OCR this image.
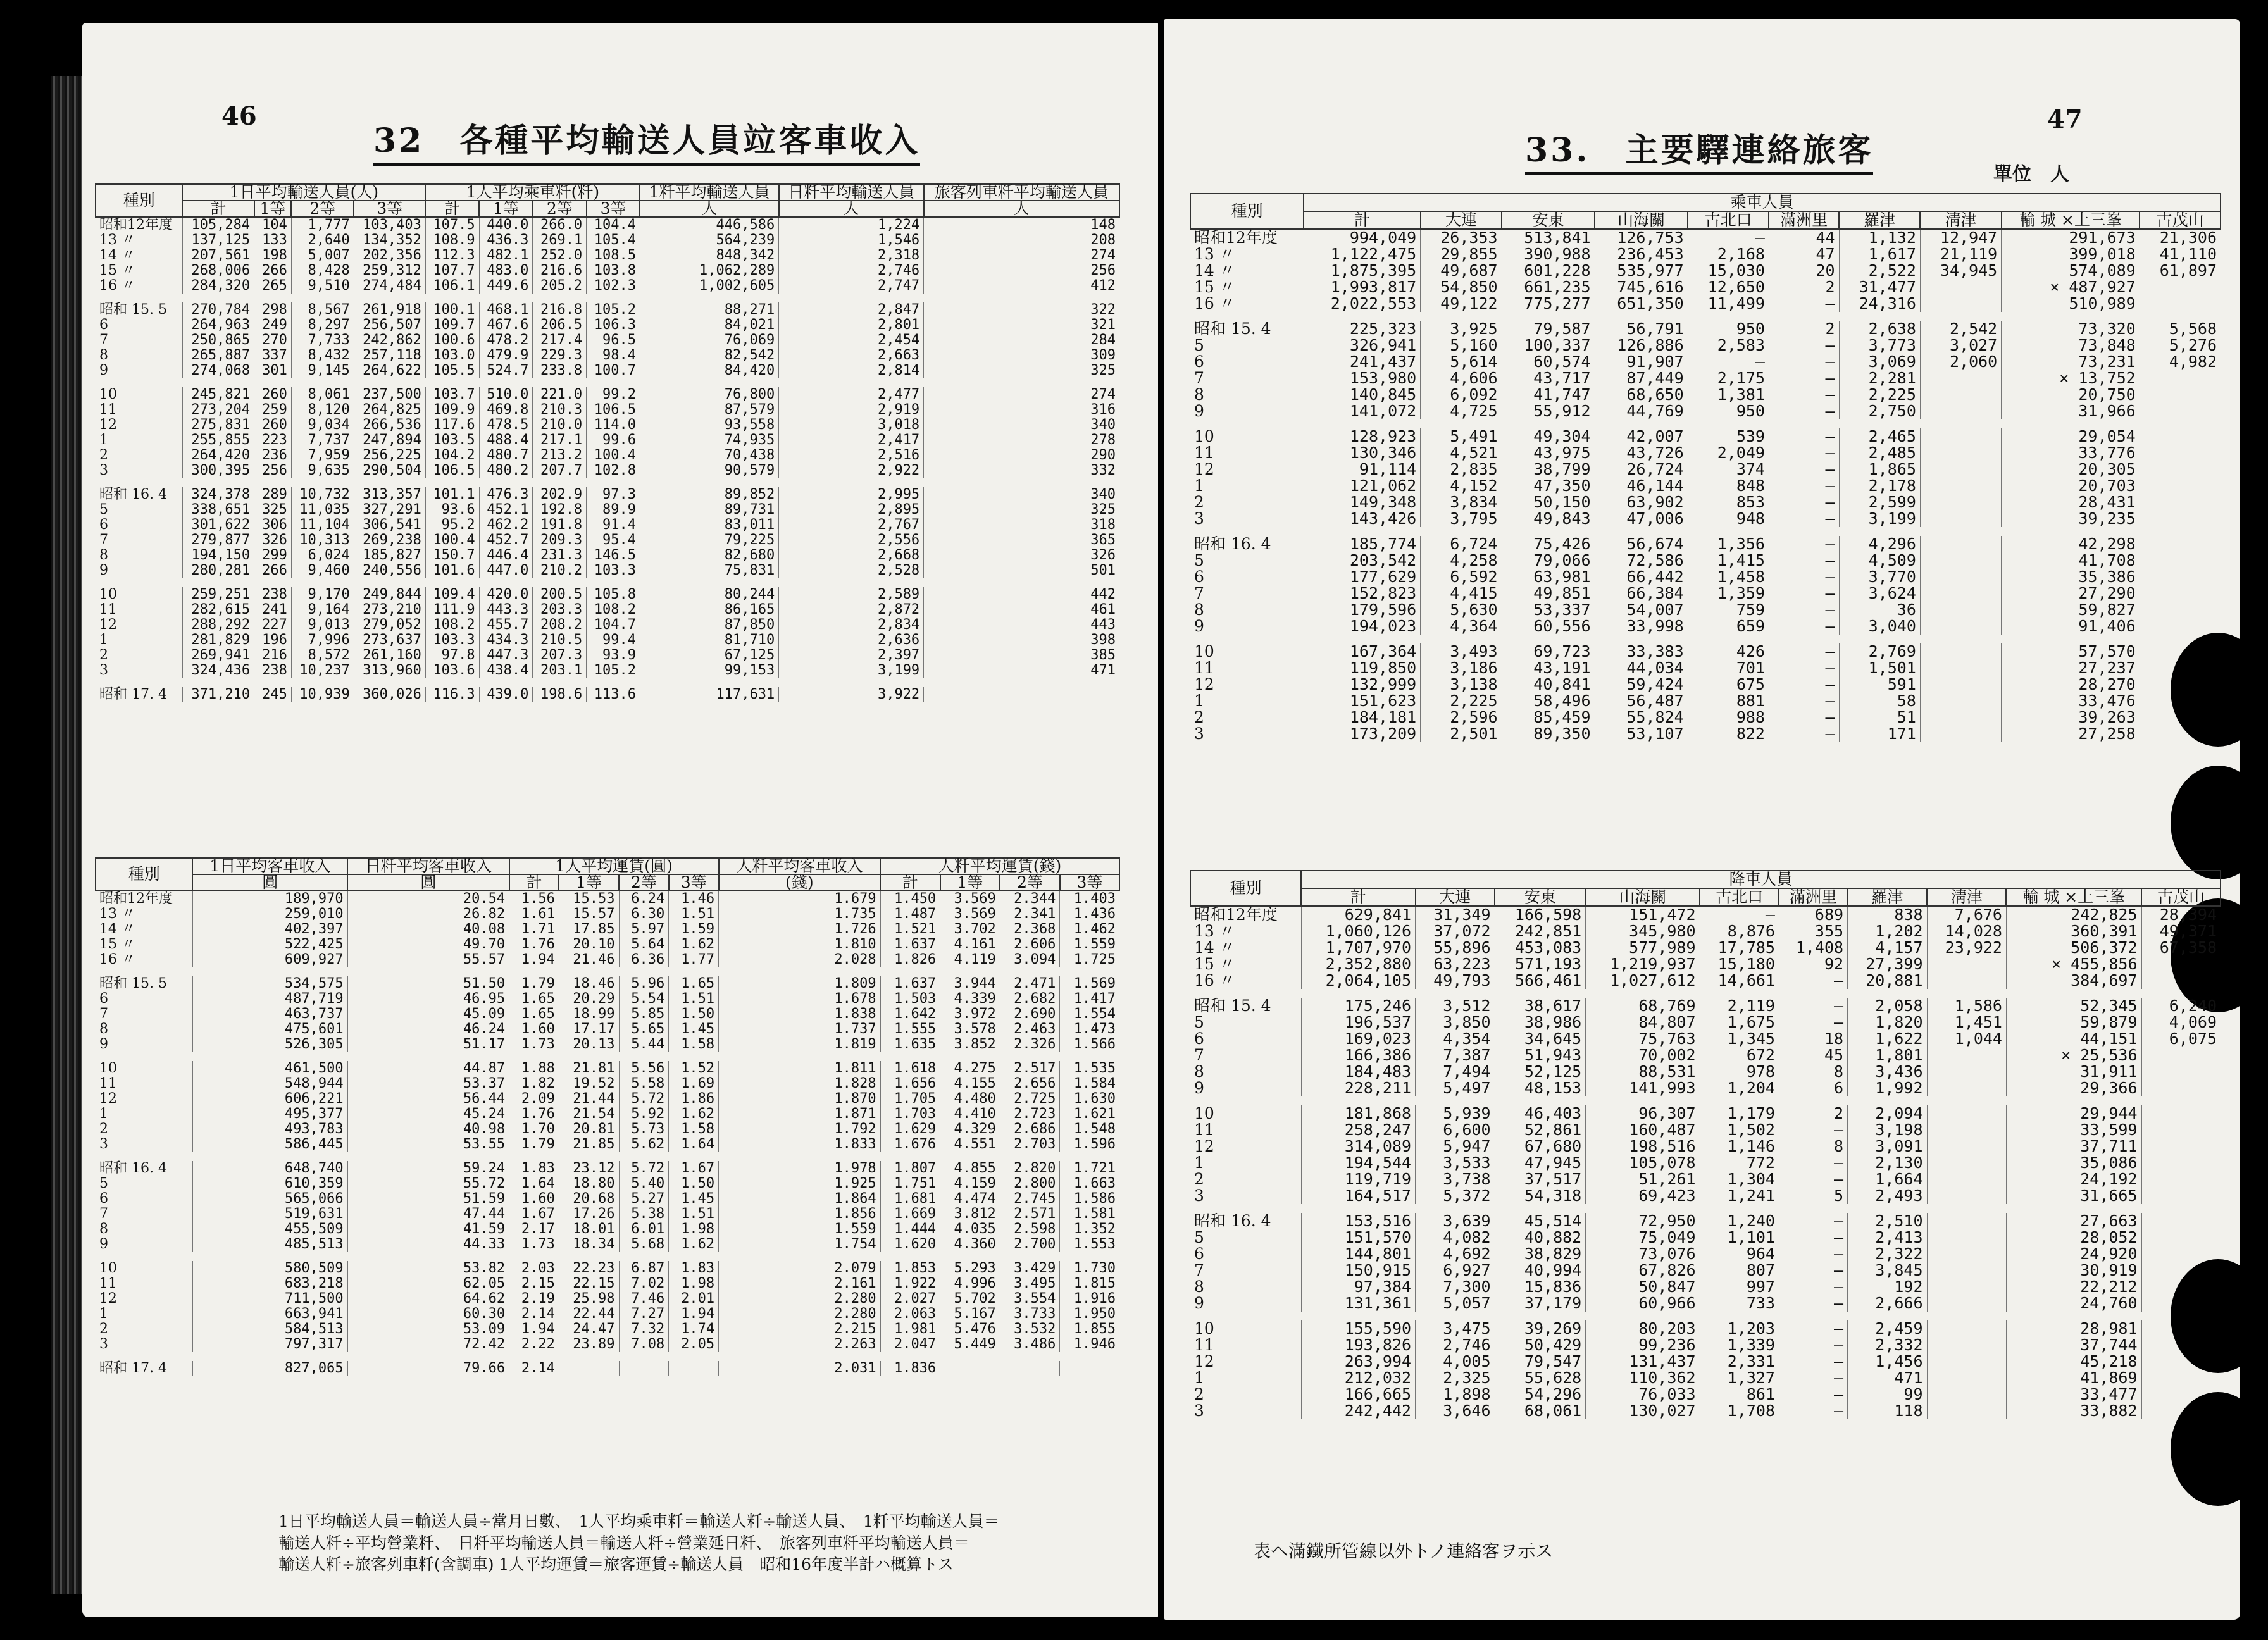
46
32　各種平均輸送人員竝客車收入
種別	1日平均輸送人員(人)				1人平均乘車粁(粁)				1粁平均輸送人員	日粁平均輸送人員	旅客列車粁平均輸送人員
	計	1等	2等	3等	計	1等	2等	3等	人	人	人
昭和12年度	105,284	104	1,777	103,403	107.5	440.0	266.0	104.4	446,586	1,224	148
13 〃	137,125	133	2,640	134,352	108.9	436.3	269.1	105.4	564,239	1,546	208
14 〃	207,561	198	5,007	202,356	112.3	482.1	252.0	108.5	848,342	2,318	274
15 〃	268,006	266	8,428	259,312	107.7	483.0	216.6	103.8	1,062,289	2,746	256
16 〃	284,320	265	9,510	274,484	106.1	449.6	205.2	102.3	1,002,605	2,747	412
昭和 15. 5	270,784	298	8,567	261,918	100.1	468.1	216.8	105.2	88,271	2,847	322
6	264,963	249	8,297	256,507	109.7	467.6	206.5	106.3	84,021	2,801	321
7	250,865	270	7,733	242,862	100.6	478.2	217.4	96.5	76,069	2,454	284
8	265,887	337	8,432	257,118	103.0	479.9	229.3	98.4	82,542	2,663	309
9	274,068	301	9,145	264,622	105.5	524.7	233.8	100.7	84,420	2,814	325
10	245,821	260	8,061	237,500	103.7	510.0	221.0	99.2	76,800	2,477	274
11	273,204	259	8,120	264,825	109.9	469.8	210.3	106.5	87,579	2,919	316
12	275,831	260	9,034	266,536	117.6	478.5	210.0	114.0	93,558	3,018	340
1	255,855	223	7,737	247,894	103.5	488.4	217.1	99.6	74,935	2,417	278
2	264,420	236	7,959	256,225	104.2	480.7	213.2	100.4	70,438	2,516	290
3	300,395	256	9,635	290,504	106.5	480.2	207.7	102.8	90,579	2,922	332
昭和 16. 4	324,378	289	10,732	313,357	101.1	476.3	202.9	97.3	89,852	2,995	340
5	338,651	325	11,035	327,291	93.6	452.1	192.8	89.9	89,731	2,895	325
6	301,622	306	11,104	306,541	95.2	462.2	191.8	91.4	83,011	2,767	318
7	279,877	326	10,313	269,238	100.4	452.7	209.3	95.4	79,225	2,556	365
8	194,150	299	6,024	185,827	150.7	446.4	231.3	146.5	82,680	2,668	326
9	280,281	266	9,460	240,556	101.6	447.0	210.2	103.3	75,831	2,528	501
10	259,251	238	9,170	249,844	109.4	420.0	200.5	105.8	80,244	2,589	442
11	282,615	241	9,164	273,210	111.9	443.3	203.3	108.2	86,165	2,872	461
12	288,292	227	9,013	279,052	108.2	455.7	208.2	104.7	87,850	2,834	443
1	281,829	196	7,996	273,637	103.3	434.3	210.5	99.4	81,710	2,636	398
2	269,941	216	8,572	261,160	97.8	447.3	207.3	93.9	67,125	2,397	385
3	324,436	238	10,237	313,960	103.6	438.4	203.1	105.2	99,153	3,199	471
昭和 17. 4	371,210	245	10,939	360,026	116.3	439.0	198.6	113.6	117,631	3,922	
種別	1日平均客車收入	日粁平均客車收入	1人平均運賃(圓)				人粁平均客車收入	人粁平均運賃(錢)			
	圓	圓	計	1等	2等	3等	(錢)	計	1等	2等	3等
昭和12年度	189,970	20.54	1.56	15.53	6.24	1.46	1.679	1.450	3.569	2.344	1.403
13 〃	259,010	26.82	1.61	15.57	6.30	1.51	1.735	1.487	3.569	2.341	1.436
14 〃	402,397	40.08	1.71	17.85	5.97	1.59	1.726	1.521	3.702	2.368	1.462
15 〃	522,425	49.70	1.76	20.10	5.64	1.62	1.810	1.637	4.161	2.606	1.559
16 〃	609,927	55.57	1.94	21.46	6.36	1.77	2.028	1.826	4.119	3.094	1.725
昭和 15. 5	534,575	51.50	1.79	18.46	5.96	1.65	1.809	1.637	3.944	2.471	1.569
6	487,719	46.95	1.65	20.29	5.54	1.51	1.678	1.503	4.339	2.682	1.417
7	463,737	45.09	1.65	18.99	5.85	1.50	1.838	1.642	3.972	2.690	1.554
8	475,601	46.24	1.60	17.17	5.65	1.45	1.737	1.555	3.578	2.463	1.473
9	526,305	51.17	1.73	20.13	5.44	1.58	1.819	1.635	3.852	2.326	1.566
10	461,500	44.87	1.88	21.81	5.56	1.52	1.811	1.618	4.275	2.517	1.535
11	548,944	53.37	1.82	19.52	5.58	1.69	1.828	1.656	4.155	2.656	1.584
12	606,221	56.44	2.09	21.44	5.72	1.86	1.870	1.705	4.480	2.725	1.630
1	495,377	45.24	1.76	21.54	5.92	1.62	1.871	1.703	4.410	2.723	1.621
2	493,783	40.98	1.70	20.81	5.73	1.58	1.792	1.629	4.329	2.686	1.548
3	586,445	53.55	1.79	21.85	5.62	1.64	1.833	1.676	4.551	2.703	1.596
昭和 16. 4	648,740	59.24	1.83	23.12	5.72	1.67	1.978	1.807	4.855	2.820	1.721
5	610,359	55.72	1.64	18.80	5.40	1.50	1.925	1.751	4.159	2.800	1.663
6	565,066	51.59	1.60	20.68	5.27	1.45	1.864	1.681	4.474	2.745	1.586
7	519,631	47.44	1.67	17.26	5.38	1.51	1.856	1.669	3.812	2.571	1.581
8	455,509	41.59	2.17	18.01	6.01	1.98	1.559	1.444	4.035	2.598	1.352
9	485,513	44.33	1.73	18.34	5.68	1.62	1.754	1.620	4.360	2.700	1.553
10	580,509	53.82	2.03	22.23	6.87	1.83	2.079	1.853	5.293	3.429	1.730
11	683,218	62.05	2.15	22.15	7.02	1.98	2.161	1.922	4.996	3.495	1.815
12	711,500	64.62	2.19	25.98	7.46	2.01	2.280	2.027	5.702	3.554	1.916
1	663,941	60.30	2.14	22.44	7.27	1.94	2.280	2.063	5.167	3.733	1.950
2	584,513	53.09	1.94	24.47	7.32	1.74	2.215	1.981	5.476	3.532	1.855
3	797,317	72.42	2.22	23.89	7.08	2.05	2.263	2.047	5.449	3.486	1.946
昭和 17. 4	827,065	79.66	2.14				2.031	1.836			
1日平均輸送人員＝輸送人員÷當月日數、　1人平均乘車粁＝輸送人粁÷輸送人員、　1粁平均輸送人員＝
輸送人粁÷平均營業粁、　日粁平均輸送人員＝輸送人粁÷營業延日粁、　旅客列車粁平均輸送人員＝
輸送人粁÷旅客列車粁(含調車) 1人平均運賃＝旅客運賃÷輸送人員　昭和16年度半計ハ概算トス
47
33.　主要驛連絡旅客
單位　人
種別	乘車人員									
	計	大連	安東	山海關	古北口	滿洲里	羅津	淸津	輸 城 ×上三峯	古茂山
昭和12年度	994,049	26,353	513,841	126,753	—	44	1,132	12,947	291,673	21,306
13 〃	1,122,475	29,855	390,988	236,453	2,168	47	1,617	21,119	399,018	41,110
14 〃	1,875,395	49,687	601,228	535,977	15,030	20	2,522	34,945	574,089	61,897
15 〃	1,993,817	54,850	661,235	745,616	12,650	2	31,477		× 487,927	
16 〃	2,022,553	49,122	775,277	651,350	11,499	—	24,316		510,989	
昭和 15. 4	225,323	3,925	79,587	56,791	950	2	2,638	2,542	73,320	5,568
5	326,941	5,160	100,337	126,886	2,583	—	3,773	3,027	73,848	5,276
6	241,437	5,614	60,574	91,907	—	—	3,069	2,060	73,231	4,982
7	153,980	4,606	43,717	87,449	2,175	—	2,281		× 13,752	
8	140,845	6,092	41,747	68,650	1,381	—	2,225		20,750	
9	141,072	4,725	55,912	44,769	950	—	2,750		31,966	
10	128,923	5,491	49,304	42,007	539	—	2,465		29,054	
11	130,346	4,521	43,975	43,726	2,049	—	2,485		33,776	
12	91,114	2,835	38,799	26,724	374	—	1,865		20,305	
1	121,062	4,152	47,350	46,144	848	—	2,178		20,703	
2	149,348	3,834	50,150	63,902	853	—	2,599		28,431	
3	143,426	3,795	49,843	47,006	948	—	3,199		39,235	
昭和 16. 4	185,774	6,724	75,426	56,674	1,356	—	4,296		42,298	
5	203,542	4,258	79,066	72,586	1,415	—	4,509		41,708	
6	177,629	6,592	63,981	66,442	1,458	—	3,770		35,386	
7	152,823	4,415	49,851	66,384	1,359	—	3,624		27,290	
8	179,596	5,630	53,337	54,007	759	—	36		59,827	
9	194,023	4,364	60,556	33,998	659	—	3,040		91,406	
10	167,364	3,493	69,723	33,383	426	—	2,769		57,570	
11	119,850	3,186	43,191	44,034	701	—	1,501		27,237	
12	132,999	3,138	40,841	59,424	675	—	591		28,270	
1	151,623	2,225	58,496	56,487	881	—	58		33,476	
2	184,181	2,596	85,459	55,824	988	—	51		39,263	
3	173,209	2,501	89,350	53,107	822	—	171		27,258	
種別	降車人員									
	計	大連	安東	山海關	古北口	滿洲里	羅津	淸津	輸 城 ×上三峯	古茂山
昭和12年度	629,841	31,349	166,598	151,472	—	689	838	7,676	242,825	28,394
13 〃	1,060,126	37,072	242,851	345,980	8,876	355	1,202	14,028	360,391	49,371
14 〃	1,707,970	55,896	453,083	577,989	17,785	1,408	4,157	23,922	506,372	67,358
15 〃	2,352,880	63,223	571,193	1,219,937	15,180	92	27,399		× 455,856	
16 〃	2,064,105	49,793	566,461	1,027,612	14,661	—	20,881		384,697	
昭和 15. 4	175,246	3,512	38,617	68,769	2,119	—	2,058	1,586	52,345	6,240
5	196,537	3,850	38,986	84,807	1,675	—	1,820	1,451	59,879	4,069
6	169,023	4,354	34,645	75,763	1,345	18	1,622	1,044	44,151	6,075
7	166,386	7,387	51,943	70,002	672	45	1,801		× 25,536	
8	184,483	7,494	52,125	88,531	978	8	3,436		31,911	
9	228,211	5,497	48,153	141,993	1,204	6	1,992		29,366	
10	181,868	5,939	46,403	96,307	1,179	2	2,094		29,944	
11	258,247	6,600	52,861	160,487	1,502	—	3,198		33,599	
12	314,089	5,947	67,680	198,516	1,146	8	3,091		37,711	
1	194,544	3,533	47,945	105,078	772	—	2,130		35,086	
2	119,719	3,738	37,517	51,261	1,304	—	1,664		24,192	
3	164,517	5,372	54,318	69,423	1,241	5	2,493		31,665	
昭和 16. 4	153,516	3,639	45,514	72,950	1,240	—	2,510		27,663	
5	151,570	4,082	40,882	75,049	1,101	—	2,413		28,052	
6	144,801	4,692	38,829	73,076	964	—	2,322		24,920	
7	150,915	6,927	40,994	67,826	807	—	3,845		30,919	
8	97,384	7,300	15,836	50,847	997	—	192		22,212	
9	131,361	5,057	37,179	60,966	733	—	2,666		24,760	
10	155,590	3,475	39,269	80,203	1,203	—	2,459		28,981	
11	193,826	2,746	50,429	99,236	1,339	—	2,332		37,744	
12	263,994	4,005	79,547	131,437	2,331	—	1,456		45,218	
1	212,032	2,325	55,628	110,362	1,327	—	471		41,869	
2	166,665	1,898	54,296	76,033	861	—	99		33,477	
3	242,442	3,646	68,061	130,027	1,708	—	118		33,882	
表ヘ滿鐵所管線以外トノ連絡客ヲ示ス
